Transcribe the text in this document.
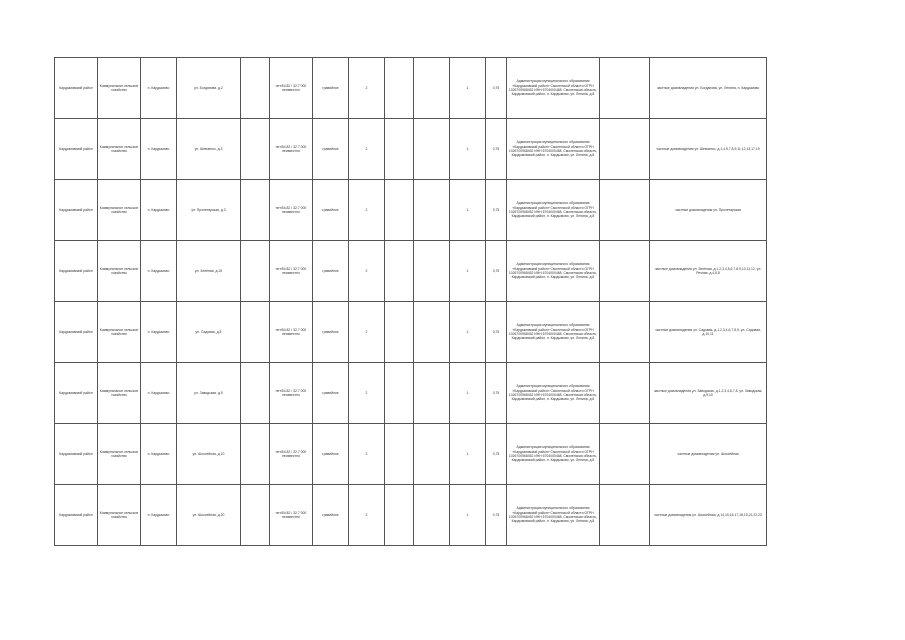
Кардымовский район	Коммунальное сельское хозяйство	п. Кардымово	ул. Богданова, д.2		нет/54.82 / 32.7 000 неизвестно	гравийное	2			1	0,75	Администрация муниципального образования «Кардымовский район» Смоленской области ОГРН 1026700968452 ИНН 6704000468, Смоленская область, Кардымовский район, п. Кардымово, ул. Ленина, д.8		частные домовладения ул. Богданова, ул. Ленина, п. Кардымово
Кардымовский район	Коммунальное сельское хозяйство	п. Кардымово	ул. Шевченко, д.3		нет/54.82 / 32.7 000 неизвестно	гравийное	2			1	0,75	Администрация муниципального образования «Кардымовский район» Смоленской области ОГРН 1026700968452 ИНН 6704000468, Смоленская область, Кардымовский район, п. Кардымово, ул. Ленина, д.8		частные домовладения ул. Шевченко, д.1,4,5,7,8,9,11,12,13,17,19
Кардымовский район	Коммунальное сельское хозяйство	п. Кардымово	ул. Пролетарская, д.3		нет/54.82 / 32.7 000 неизвестно	гравийное	2			1	0,75	Администрация муниципального образования «Кардымовский район» Смоленской области ОГРН 1026700968452 ИНН 6704000468, Смоленская область, Кардымовский район, п. Кардымово, ул. Ленина, д.8		частные домовладения ул. Пролетарская
Кардымовский район	Коммунальное сельское хозяйство	п. Кардымово	ул. Зелёная, д.10		нет/54.82 / 32.7 000 неизвестно	гравийное	2			1	0,75	Администрация муниципального образования «Кардымовский район» Смоленской области ОГРН 1026700968452 ИНН 6704000468, Смоленская область, Кардымовский район, п. Кардымово, ул. Ленина, д.8		частные домовладения ул. Зелёная, д.1,2,3,4,5,6,7,8,9,10,11,12, ул. Речная, д.4,6,8
Кардымовский район	Коммунальное сельское хозяйство	п. Кардымово	ул. Садовая, д.5		нет/54.82 / 32.7 000 неизвестно	гравийное	2			1	0,75	Администрация муниципального образования «Кардымовский район» Смоленской области ОГРН 1026700968452 ИНН 6704000468, Смоленская область, Кардымовский район, п. Кардымово, ул. Ленина, д.8		частные домовладения ул. Садовая, д.1,2,3,4,6,7,8,9, ул. Садовая, д.10,11
Кардымовский район	Коммунальное сельское хозяйство	п. Кардымово	ул. Заводская, д.5		нет/54.82 / 32.7 000 неизвестно	гравийное	2			1	0,75	Администрация муниципального образования «Кардымовский район» Смоленской области ОГРН 1026700968452 ИНН 6704000468, Смоленская область, Кардымовский район, п. Кардымово, ул. Ленина, д.8		частные домовладения ул. Заводская, д.1,2,3,4,6,7,8, ул. Заводская, д.9,10
Кардымовский район	Коммунальное сельское хозяйство	п. Кардымово	ул. Шоссейная, д.10		нет/54.82 / 32.7 000 неизвестно	гравийное	2			1	0,75	Администрация муниципального образования «Кардымовский район» Смоленской области ОГРН 1026700968452 ИНН 6704000468, Смоленская область, Кардымовский район, п. Кардымово, ул. Ленина, д.8		частные домовладения ул. Шоссейная
Кардымовский район	Коммунальное сельское хозяйство	п. Кардымово	ул. Шоссейная, д.20		нет/54.82 / 32.7 000 неизвестно	гравийное	2			1	0,75	Администрация муниципального образования «Кардымовский район» Смоленской области ОГРН 1026700968452 ИНН 6704000468, Смоленская область, Кардымовский район, п. Кардымово, ул. Ленина, д.8		частные домовладения ул. Шоссейная, д.14,15,16,17,18,19,21,22,23
